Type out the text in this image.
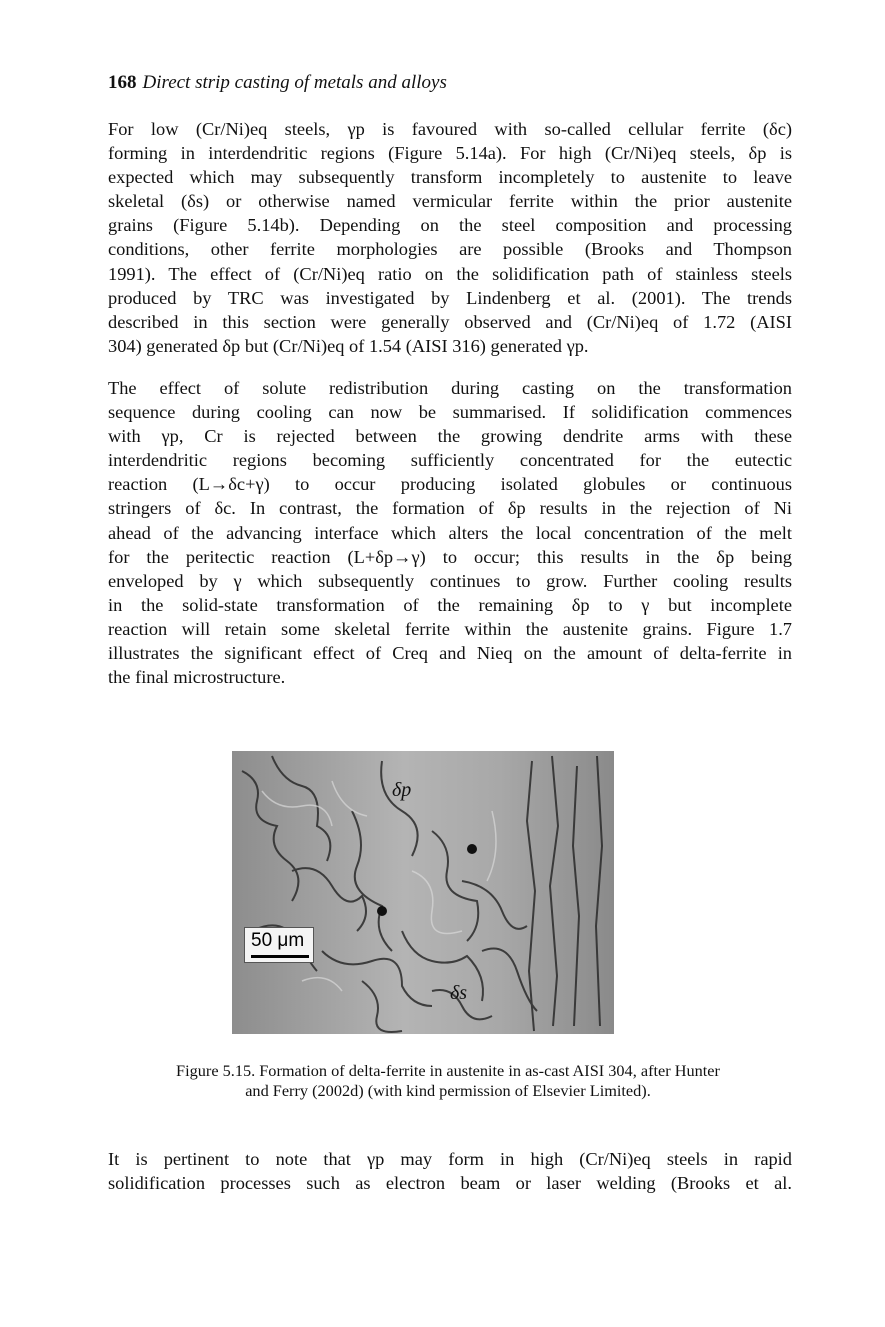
168 Direct strip casting of metals and alloys
For low (Cr/Ni)eq steels, γp is favoured with so-called cellular ferrite (δc)
forming in interdendritic regions (Figure 5.14a). For high (Cr/Ni)eq steels, δp is
expected which may subsequently transform incompletely to austenite to leave
skeletal (δs) or otherwise named vermicular ferrite within the prior austenite
grains (Figure 5.14b). Depending on the steel composition and processing
conditions, other ferrite morphologies are possible (Brooks and Thompson
1991). The effect of (Cr/Ni)eq ratio on the solidification path of stainless steels
produced by TRC was investigated by Lindenberg et al. (2001). The trends
described in this section were generally observed and (Cr/Ni)eq of 1.72 (AISI
304) generated δp but (Cr/Ni)eq of 1.54 (AISI 316) generated γp.
The effect of solute redistribution during casting on the transformation
sequence during cooling can now be summarised. If solidification commences
with γp, Cr is rejected between the growing dendrite arms with these
interdendritic regions becoming sufficiently concentrated for the eutectic
reaction (L→δc+γ) to occur producing isolated globules or continuous
stringers of δc. In contrast, the formation of δp results in the rejection of Ni
ahead of the advancing interface which alters the local concentration of the melt
for the peritectic reaction (L+δp→γ) to occur; this results in the δp being
enveloped by γ which subsequently continues to grow. Further cooling results
in the solid-state transformation of the remaining δp to γ but incomplete
reaction will retain some skeletal ferrite within the austenite grains. Figure 1.7
illustrates the significant effect of Creq and Nieq on the amount of delta-ferrite in
the final microstructure.
δs
δp
50 μm
Figure 5.15. Formation of delta-ferrite in austenite in as-cast AISI 304, after Hunter
and Ferry (2002d) (with kind permission of Elsevier Limited).
It is pertinent to note that γp may form in high (Cr/Ni)eq steels in rapid
solidification processes such as electron beam or laser welding (Brooks et al.
